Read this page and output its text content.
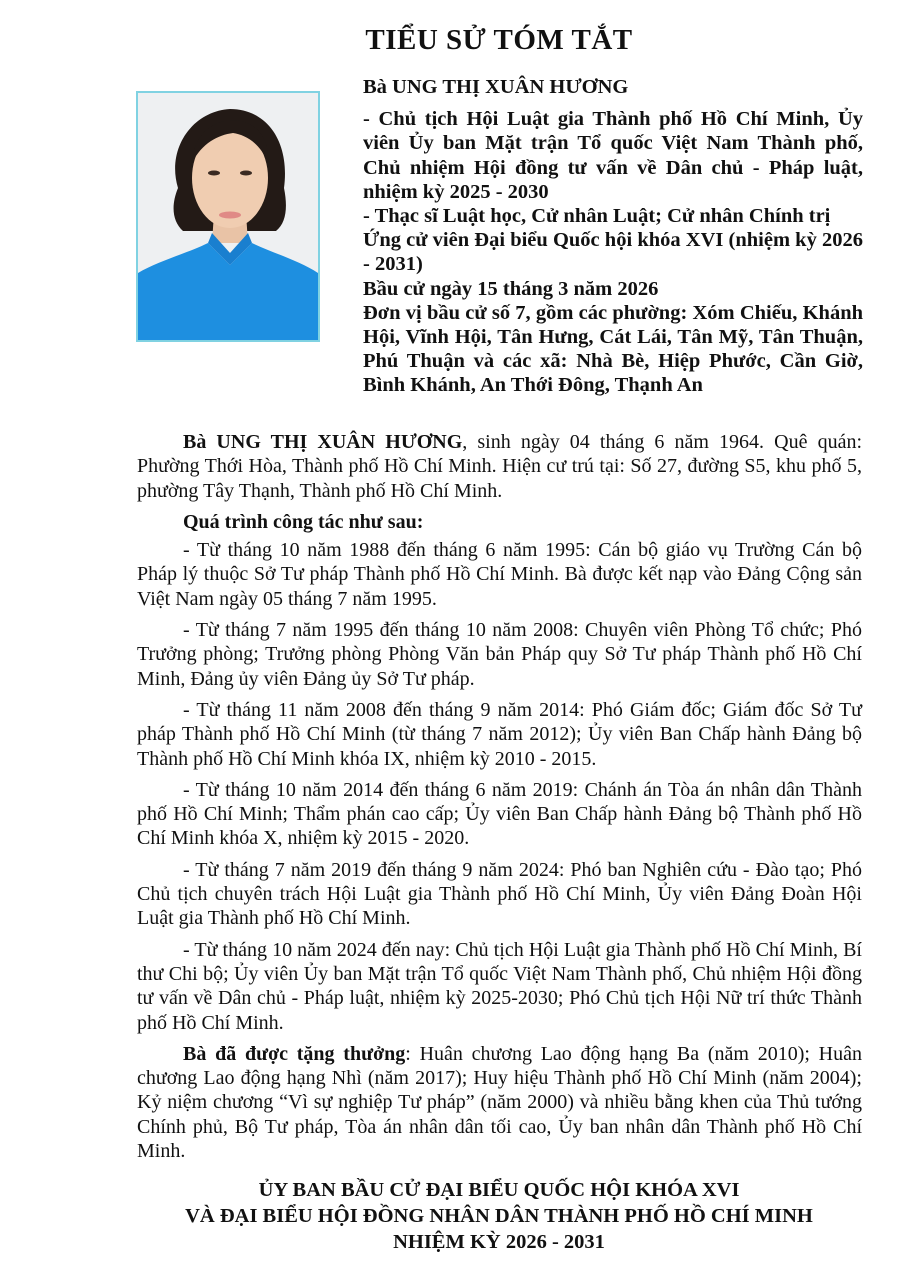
TIỂU SỬ TÓM TẮT

Bà UNG THỊ XUÂN HƯƠNG

- Chủ tịch Hội Luật gia Thành phố Hồ Chí Minh, Ủy viên Ủy ban Mặt trận Tổ quốc Việt Nam Thành phố, Chủ nhiệm Hội đồng tư vấn về Dân chủ - Pháp luật, nhiệm kỳ 2025 - 2030

- Thạc sĩ Luật học, Cử nhân Luật; Cử nhân Chính trị

Ứng cử viên Đại biểu Quốc hội khóa XVI (nhiệm kỳ 2026 - 2031)

Bầu cử ngày 15 tháng 3 năm 2026

Đơn vị bầu cử số 7, gồm các phường: Xóm Chiếu, Khánh Hội, Vĩnh Hội, Tân Hưng, Cát Lái, Tân Mỹ, Tân Thuận, Phú Thuận và các xã: Nhà Bè, Hiệp Phước, Cần Giờ, Bình Khánh, An Thới Đông, Thạnh An

Bà UNG THỊ XUÂN HƯƠNG, sinh ngày 04 tháng 6 năm 1964. Quê quán: Phường Thới Hòa, Thành phố Hồ Chí Minh. Hiện cư trú tại: Số 27, đường S5, khu phố 5, phường Tây Thạnh, Thành phố Hồ Chí Minh.

Quá trình công tác như sau:

- Từ tháng 10 năm 1988 đến tháng 6 năm 1995: Cán bộ giáo vụ Trường Cán bộ Pháp lý thuộc Sở Tư pháp Thành phố Hồ Chí Minh. Bà được kết nạp vào Đảng Cộng sản Việt Nam ngày 05 tháng 7 năm 1995.

- Từ tháng 7 năm 1995 đến tháng 10 năm 2008: Chuyên viên Phòng Tổ chức; Phó Trưởng phòng; Trưởng phòng Phòng Văn bản Pháp quy Sở Tư pháp Thành phố Hồ Chí Minh, Đảng ủy viên Đảng ủy Sở Tư pháp.

- Từ tháng 11 năm 2008 đến tháng 9 năm 2014: Phó Giám đốc; Giám đốc Sở Tư pháp Thành phố Hồ Chí Minh (từ tháng 7 năm 2012); Ủy viên Ban Chấp hành Đảng bộ Thành phố Hồ Chí Minh khóa IX, nhiệm kỳ 2010 - 2015.

- Từ tháng 10 năm 2014 đến tháng 6 năm 2019: Chánh án Tòa án nhân dân Thành phố Hồ Chí Minh; Thẩm phán cao cấp; Ủy viên Ban Chấp hành Đảng bộ Thành phố Hồ Chí Minh khóa X, nhiệm kỳ 2015 - 2020.

- Từ tháng 7 năm 2019 đến tháng 9 năm 2024: Phó ban Nghiên cứu - Đào tạo; Phó Chủ tịch chuyên trách Hội Luật gia Thành phố Hồ Chí Minh, Ủy viên Đảng Đoàn Hội Luật gia Thành phố Hồ Chí Minh.

- Từ tháng 10 năm 2024 đến nay: Chủ tịch Hội Luật gia Thành phố Hồ Chí Minh, Bí thư Chi bộ; Ủy viên Ủy ban Mặt trận Tổ quốc Việt Nam Thành phố, Chủ nhiệm Hội đồng tư vấn về Dân chủ - Pháp luật, nhiệm kỳ 2025-2030; Phó Chủ tịch Hội Nữ trí thức Thành phố Hồ Chí Minh.

Bà đã được tặng thưởng: Huân chương Lao động hạng Ba (năm 2010); Huân chương Lao động hạng Nhì (năm 2017); Huy hiệu Thành phố Hồ Chí Minh (năm 2004); Kỷ niệm chương “Vì sự nghiệp Tư pháp” (năm 2000) và nhiều bằng khen của Thủ tướng Chính phủ, Bộ Tư pháp, Tòa án nhân dân tối cao, Ủy ban nhân dân Thành phố Hồ Chí Minh.

ỦY BAN BẦU CỬ ĐẠI BIỂU QUỐC HỘI KHÓA XVI
VÀ ĐẠI BIỂU HỘI ĐỒNG NHÂN DÂN THÀNH PHỐ HỒ CHÍ MINH
NHIỆM KỲ 2026 - 2031
